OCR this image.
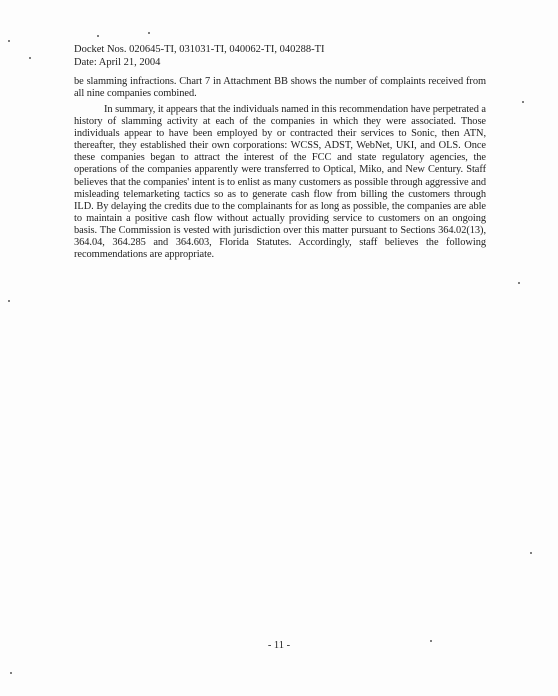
Docket Nos. 020645-TI, 031031-TI, 040062-TI, 040288-TI
Date: April 21, 2004
be slamming infractions. Chart 7 in Attachment BB shows the number of complaints received from all nine companies combined.
In summary, it appears that the individuals named in this recommendation have perpetrated a history of slamming activity at each of the companies in which they were associated. Those individuals appear to have been employed by or contracted their services to Sonic, then ATN, thereafter, they established their own corporations: WCSS, ADST, WebNet, UKI, and OLS. Once these companies began to attract the interest of the FCC and state regulatory agencies, the operations of the companies apparently were transferred to Optical, Miko, and New Century. Staff believes that the companies' intent is to enlist as many customers as possible through aggressive and misleading telemarketing tactics so as to generate cash flow from billing the customers through ILD. By delaying the credits due to the complainants for as long as possible, the companies are able to maintain a positive cash flow without actually providing service to customers on an ongoing basis. The Commission is vested with jurisdiction over this matter pursuant to Sections 364.02(13), 364.04, 364.285 and 364.603, Florida Statutes. Accordingly, staff believes the following recommendations are appropriate.
- 11 -
